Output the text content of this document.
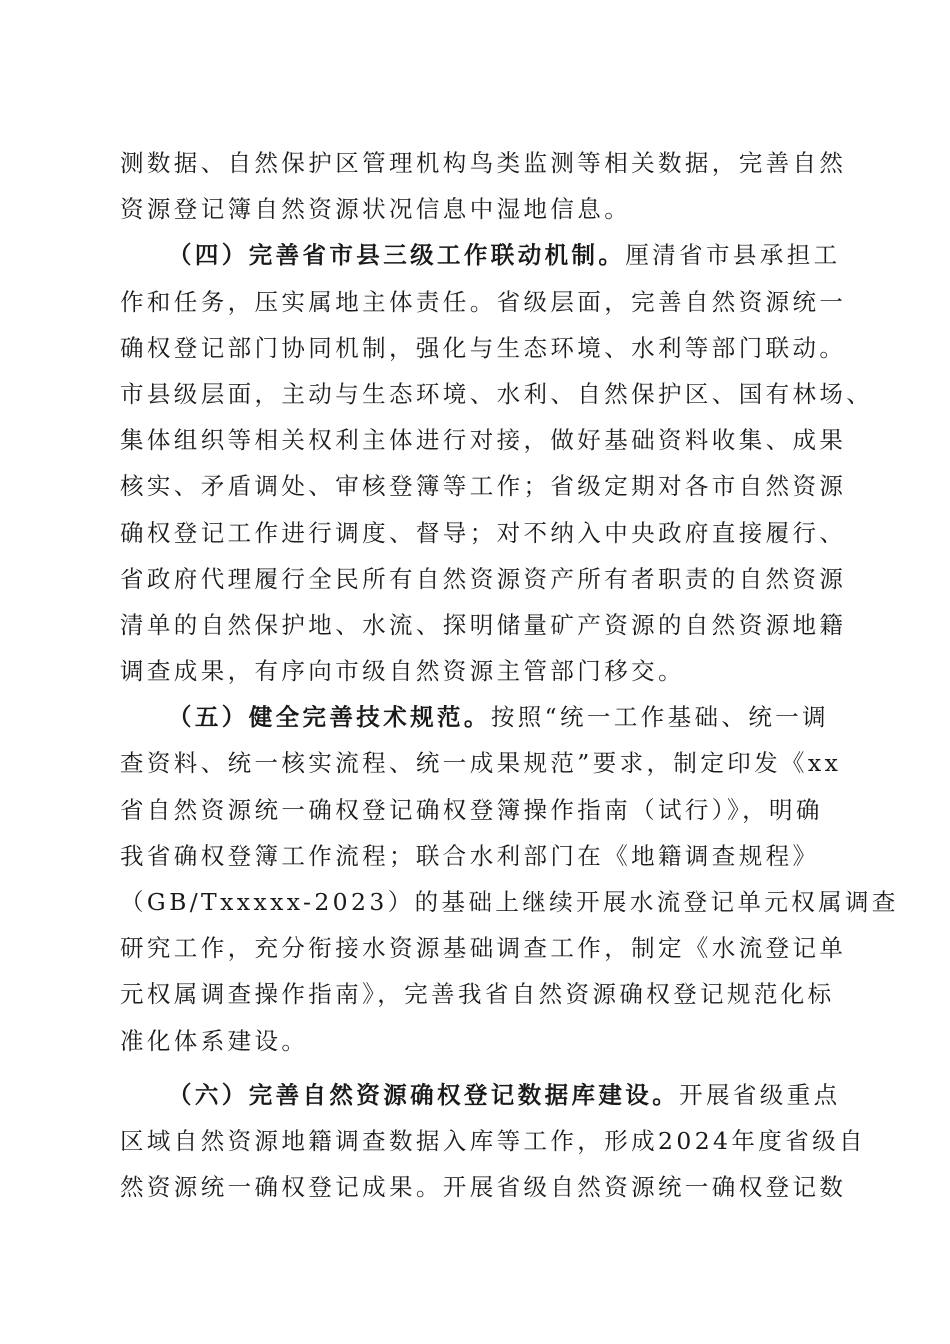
测数据、自然保护区管理机构鸟类监测等相关数据，完善自然
资源登记簿自然资源状况信息中湿地信息。
（四）完善省市县三级工作联动机制。厘清省市县承担工
作和任务，压实属地主体责任。省级层面，完善自然资源统一
确权登记部门协同机制，强化与生态环境、水利等部门联动。
市县级层面，主动与生态环境、水利、自然保护区、国有林场、
集体组织等相关权利主体进行对接，做好基础资料收集、成果
核实、矛盾调处、审核登簿等工作；省级定期对各市自然资源
确权登记工作进行调度、督导；对不纳入中央政府直接履行、
省政府代理履行全民所有自然资源资产所有者职责的自然资源
清单的自然保护地、水流、探明储量矿产资源的自然资源地籍
调查成果，有序向市级自然资源主管部门移交。
（五）健全完善技术规范。按照“统一工作基础、统一调
查资料、统一核实流程、统一成果规范”要求，制定印发《xx
省自然资源统一确权登记确权登簿操作指南（试行）》，明确
我省确权登簿工作流程；联合水利部门在《地籍调查规程》
（GB/Txxxxx-2023）的基础上继续开展水流登记单元权属调查
研究工作，充分衔接水资源基础调查工作，制定《水流登记单
元权属调查操作指南》，完善我省自然资源确权登记规范化标
准化体系建设。
（六）完善自然资源确权登记数据库建设。开展省级重点
区域自然资源地籍调查数据入库等工作，形成2024年度省级自
然资源统一确权登记成果。开展省级自然资源统一确权登记数
